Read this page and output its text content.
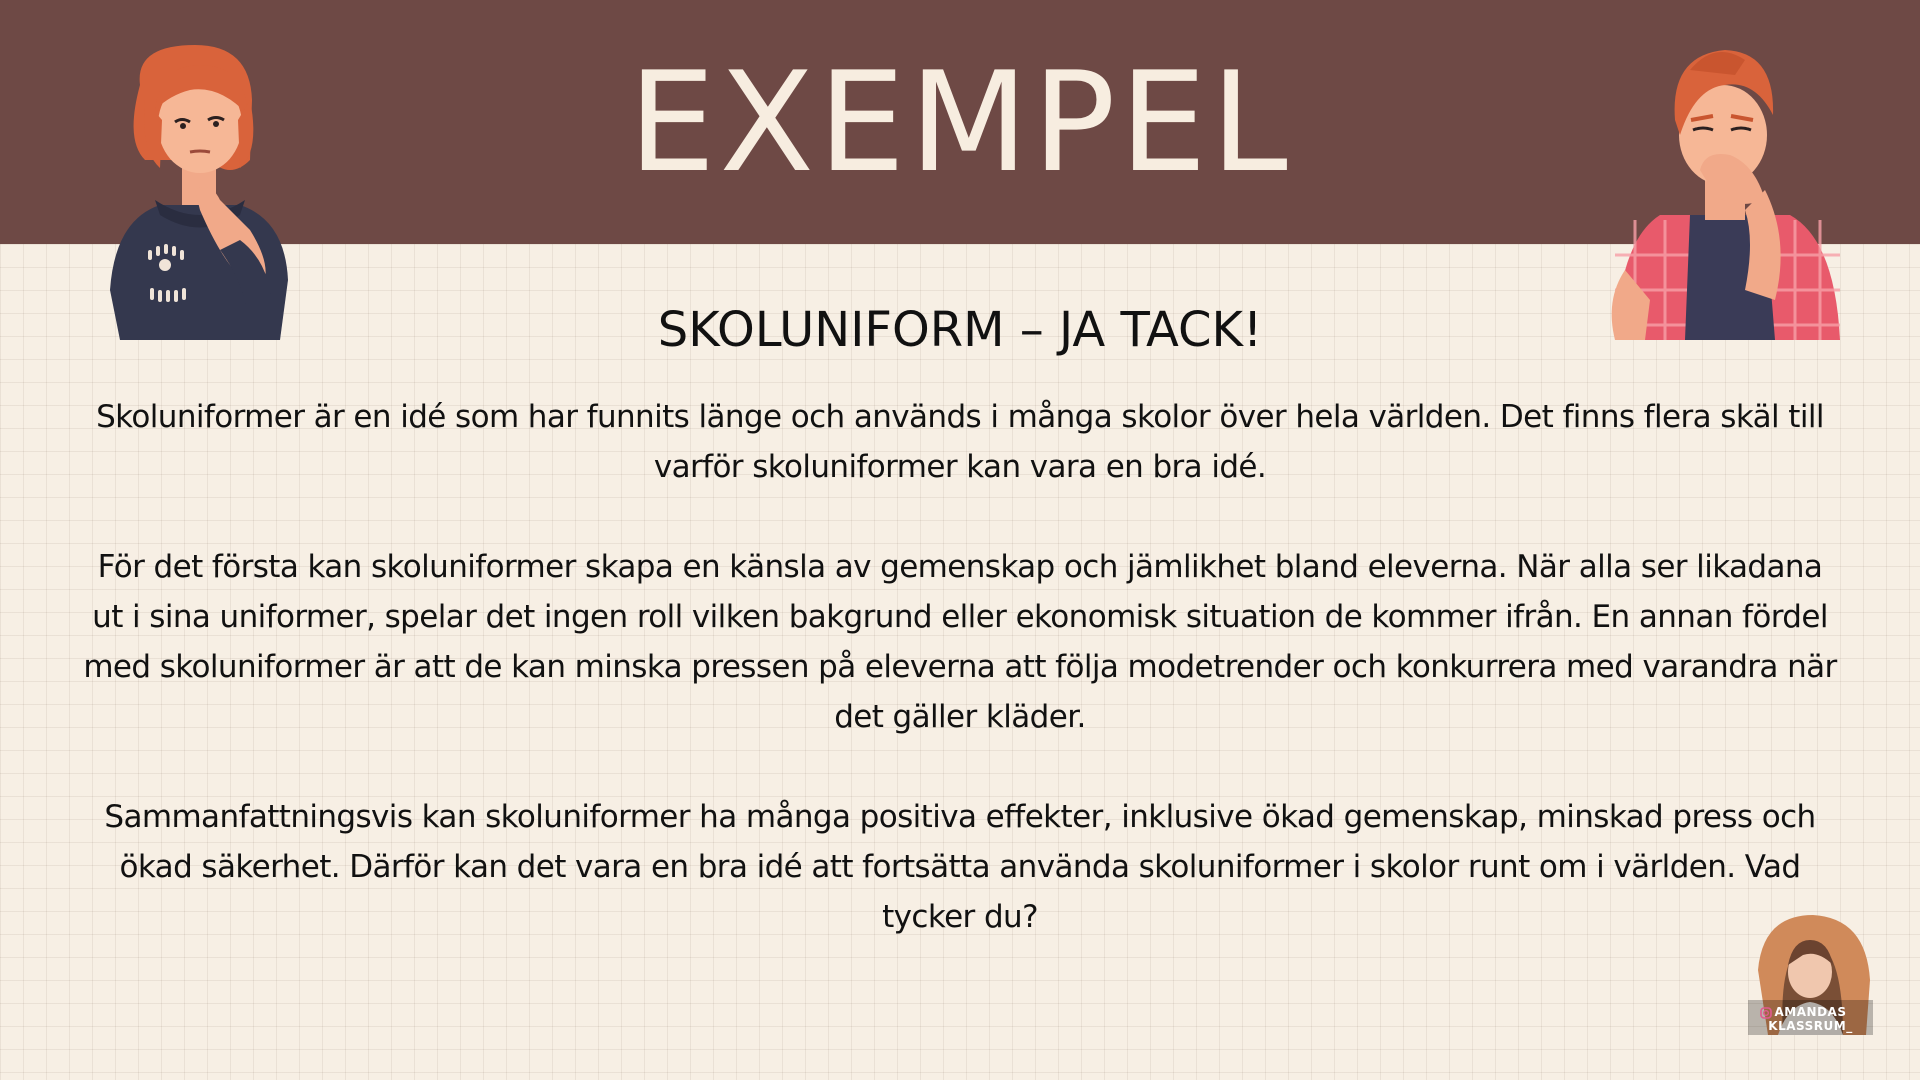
EXEMPEL
SKOLUNIFORM – JA TACK!

Skoluniformer är en idé som har funnits länge och används i många skolor över hela världen. Det finns flera skäl till varför skoluniformer kan vara en bra idé.

För det första kan skoluniformer skapa en känsla av gemenskap och jämlikhet bland eleverna. När alla ser likadana ut i sina uniformer, spelar det ingen roll vilken bakgrund eller ekonomisk situation de kommer ifrån. En annan fördel med skoluniformer är att de kan minska pressen på eleverna att följa modetrender och konkurrera med varandra när det gäller kläder.

Sammanfattningsvis kan skoluniformer ha många positiva effekter, inklusive ökad gemenskap, minskad press och ökad säkerhet. Därför kan det vara en bra idé att fortsätta använda skoluniformer i skolor runt om i världen. Vad tycker du?

AMANDAS
KLASSRUM_
